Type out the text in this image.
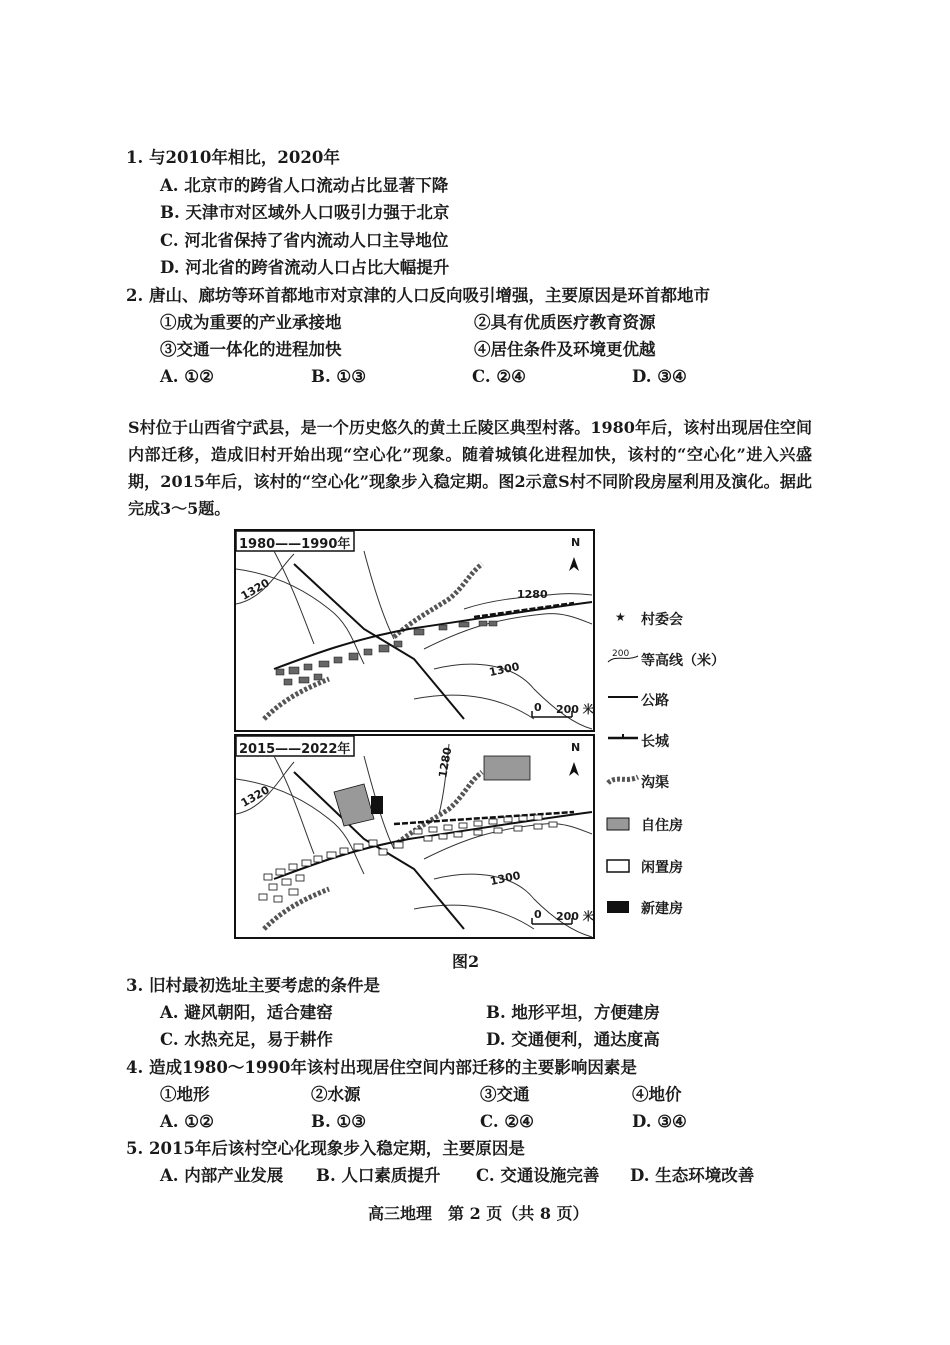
1. 与2010年相比，2020年
A. 北京市的跨省人口流动占比显著下降
B. 天津市对区域外人口吸引力强于北京
C. 河北省保持了省内流动人口主导地位
D. 河北省的跨省流动人口占比大幅提升
2. 唐山、廊坊等环首都地市对京津的人口反向吸引增强，主要原因是环首都地市
①成为重要的产业承接地	②具有优质医疗教育资源
③交通一体化的进程加快	④居住条件及环境更优越
A. ①②	B. ①③	C. ②④	D. ③④
S村位于山西省宁武县，是一个历史悠久的黄土丘陵区典型村落。1980年后，该村出现居住空间内部迁移，造成旧村开始出现“空心化”现象。随着城镇化进程加快，该村的“空心化”进入兴盛期，2015年后，该村的“空心化”现象步入稳定期。图2示意S村不同阶段房屋利用及演化。据此完成3～5题。
1980——1990年
1320	1280
1300
0 200 米
N
2015——2022年
1320
1280
1300
0 200 米
N
★ 村委会
200 等高线（米）
公路
长城
沟渠
自住房
闲置房
新建房
图2
3. 旧村最初选址主要考虑的条件是
A. 避风朝阳，适合建窑	B. 地形平坦，方便建房
C. 水热充足，易于耕作	D. 交通便利，通达度高
4. 造成1980～1990年该村出现居住空间内部迁移的主要影响因素是
①地形	②水源	③交通	④地价
A. ①②	B. ①③	C. ②④	D. ③④
5. 2015年后该村空心化现象步入稳定期，主要原因是
A. 内部产业发展 B. 人口素质提升 C. 交通设施完善 D. 生态环境改善
高三地理　第 2 页（共 8 页）
